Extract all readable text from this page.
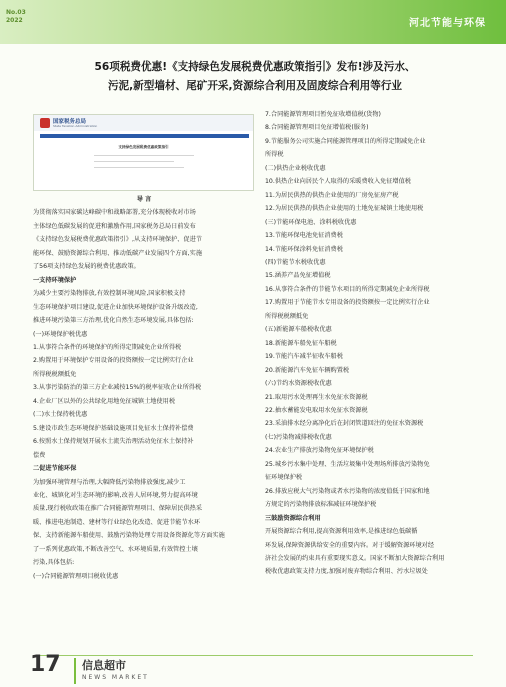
No.03
2022	河北节能与环保
56项税费优惠!《支持绿色发展税费优惠政策指引》发布!涉及污水、
污泥,新型墙材、尾矿开采,资源综合利用及固废综合利用等行业
国家税务总局
State Taxation Administration
支持绿色发展税费优惠政策指引
导 言
为贯彻落实国家碳达峰碳中和战略部署,充分体现税收对市场
主体绿色低碳发展的促进和激励作用,国家税务总局日前发布
《支持绿色发展税费优惠政策指引》,从支持环境保护、促进节
能环保、鼓励资源综合利用、推动低碳产业发展四个方面,实施
了56项支持绿色发展的税费优惠政策。
一支持环境保护
为减少主要污染物排放,有效控制环境风险,国家积极支持
生态环境保护项目建设,促进企业加快环境保护设备升级改造,
推进环境污染第三方治理,优化自然生态环境发展,具体包括:
(一)环境保护税优惠
1.从事符合条件的环境保护的所得定期减免企业所得税
2.购置用于环境保护专用设备的投资额按一定比例实行企业
所得税税额抵免
3.从事污染防治的第三方企业减按15%的税率征收企业所得税
4.企业厂区以外的公共绿化用地免征城镇土地使用税
(二)水土保持税优惠
5.建设市政生态环境保护基础设施项目免征水土保持补偿费
6.按照水土保持规划开展水土流失治理活动免征水土保持补
偿费
二促进节能环保
为加强环境管理与治理,大幅降低污染物排放强度,减少工
业化、城镇化对生态环境的影响,改善人居环境,努力提高环境
质量,现行税收政策在推广合同能源管理项目、保障居民供热采
暖、推进电池制造、建材等行业绿色化改造、促进节能节水环
保、支持新能源车船使用、鼓励污染物处理专用设备资源化等方面实施
了一系列优惠政策,不断改善空气、水环境质量,有效管控土壤
污染,具体包括:
(一)合同能源管理项目税收优惠
7.合同能源管理项目暂免征收增值税(货物)
8.合同能源管理项目免征增值税(服务)
9.节能服务公司实施合同能源管理项目的所得定期减免企业
所得税
(二)供热企业税收优惠
10.供热企业向居民个人取得的采暖费收入免征增值税
11.为居民供热的供热企业使用的厂房免征房产税
12.为居民供热的供热企业使用的土地免征城镇土地使用税
(三)节能环保电池、涂料税收优惠
13.节能环保电池免征消费税
14.节能环保涂料免征消费税
(四)节能节水税收优惠
15.涵养产品免征增值税
16.从事符合条件的节能节水项目的所得定期减免企业所得税
17.购置用于节能节水专用设备的投资额按一定比例实行企业
所得税税额抵免
(五)新能源车船税收优惠
18.新能源车船免征车船税
19.节能汽车减半征收车船税
20.新能源汽车免征车辆购置税
(六)节约水资源税收优惠
21.取用污水处理再生水免征水资源税
22.抽水蓄能发电取用水免征水资源税
23.采油排水经分离净化后在封闭管道回注的免征水资源税
(七)污染物减排税收优惠
24.农业生产排放污染物免征环境保护税
25.城乡污水集中处理、生活垃圾集中处理场所排放污染物免
征环境保护税
26.排放应税大气污染物或者水污染物的浓度值低于国家和地
方规定的污染物排放标准减征环境保护税
三鼓励资源综合利用
开展资源综合利用,提高资源利用效率,是推进绿色低碳循
环发展,保障资源供给安全的重要内容。对于缓解资源环境对经
济社会发展的约束具有重要现实意义。国家不断加大资源综合利用
税收优惠政策支持力度,加强对废弃物综合利用、污水垃圾处
17 信息超市
NEWS MARKET
